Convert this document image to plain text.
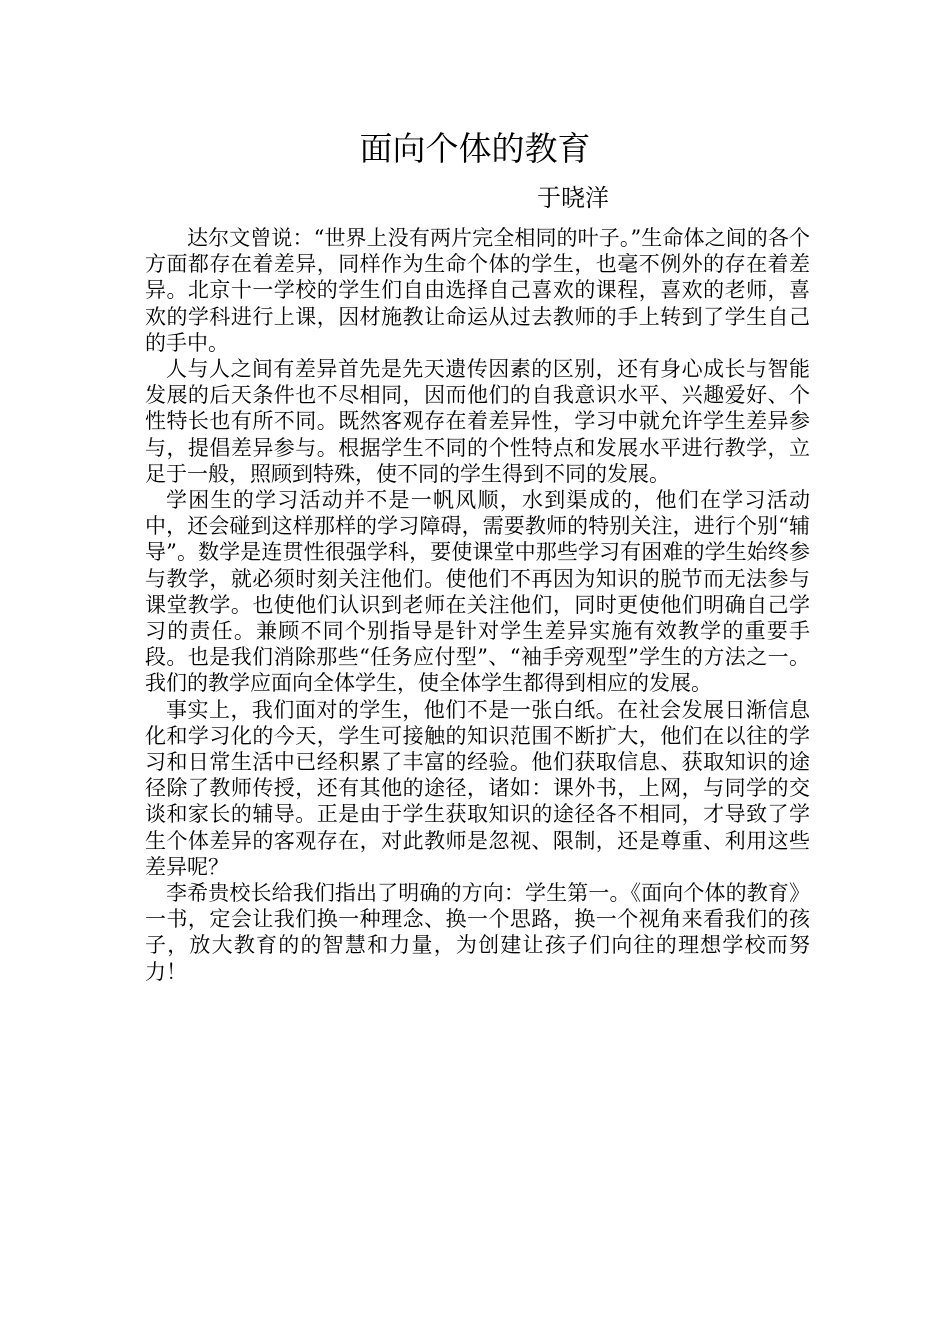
面向个体的教育
于晓洋

达尔文曾说：“世界上没有两片完全相同的叶子。”生命体之间的各个方面都存在着差异，同样作为生命个体的学生，也毫不例外的存在着差异。北京十一学校的学生们自由选择自己喜欢的课程，喜欢的老师，喜欢的学科进行上课，因材施教让命运从过去教师的手上转到了学生自己的手中。

人与人之间有差异首先是先天遗传因素的区别，还有身心成长与智能发展的后天条件也不尽相同，因而他们的自我意识水平、兴趣爱好、个性特长也有所不同。既然客观存在着差异性，学习中就允许学生差异参与，提倡差异参与。根据学生不同的个性特点和发展水平进行教学，立足于一般，照顾到特殊，使不同的学生得到不同的发展。

学困生的学习活动并不是一帆风顺，水到渠成的，他们在学习活动中，还会碰到这样那样的学习障碍，需要教师的特别关注，进行个别“辅导”。数学是连贯性很强学科，要使课堂中那些学习有困难的学生始终参与教学，就必须时刻关注他们。使他们不再因为知识的脱节而无法参与课堂教学。也使他们认识到老师在关注他们，同时更使他们明确自己学习的责任。兼顾不同个别指导是针对学生差异实施有效教学的重要手段。也是我们消除那些“任务应付型”、“袖手旁观型”学生的方法之一。我们的教学应面向全体学生，使全体学生都得到相应的发展。

事实上，我们面对的学生，他们不是一张白纸。在社会发展日渐信息化和学习化的今天，学生可接触的知识范围不断扩大，他们在以往的学习和日常生活中已经积累了丰富的经验。他们获取信息、获取知识的途径除了教师传授，还有其他的途径，诸如：课外书，上网，与同学的交谈和家长的辅导。正是由于学生获取知识的途径各不相同，才导致了学生个体差异的客观存在，对此教师是忽视、限制，还是尊重、利用这些差异呢？

李希贵校长给我们指出了明确的方向：学生第一。《面向个体的教育》一书，定会让我们换一种理念、换一个思路，换一个视角来看我们的孩子，放大教育的的智慧和力量，为创建让孩子们向往的理想学校而努力！
